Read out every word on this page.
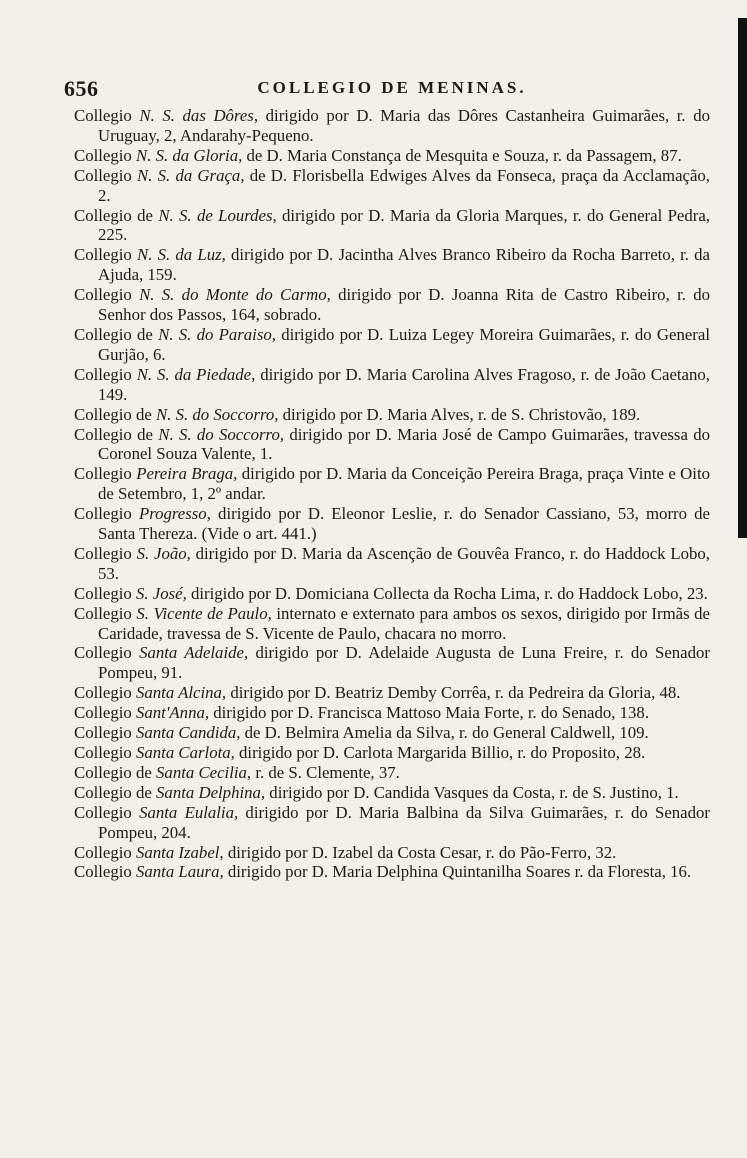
656	COLLEGIO DE MENINAS.

Collegio N. S. das Dôres, dirigido por D. Maria das Dôres Castanheira Guimarães, r. do Uruguay, 2, Andarahy-Pequeno.

Collegio N. S. da Gloria, de D. Maria Constança de Mesquita e Souza, r. da Passagem, 87.

Collegio N. S. da Graça, de D. Florisbella Edwiges Alves da Fonseca, praça da Acclamação, 2.

Collegio de N. S. de Lourdes, dirigido por D. Maria da Gloria Marques, r. do General Pedra, 225.

Collegio N. S. da Luz, dirigido por D. Jacintha Alves Branco Ribeiro da Rocha Barreto, r. da Ajuda, 159.

Collegio N. S. do Monte do Carmo, dirigido por D. Joanna Rita de Castro Ribeiro, r. do Senhor dos Passos, 164, sobrado.

Collegio de N. S. do Paraiso, dirigido por D. Luiza Legey Moreira Guimarães, r. do General Gurjão, 6.

Collegio N. S. da Piedade, dirigido por D. Maria Carolina Alves Fragoso, r. de João Caetano, 149.

Collegio de N. S. do Soccorro, dirigido por D. Maria Alves, r. de S. Christovão, 189.

Collegio de N. S. do Soccorro, dirigido por D. Maria José de Campo Guimarães, travessa do Coronel Souza Valente, 1.

Collegio Pereira Braga, dirigido por D. Maria da Conceição Pereira Braga, praça Vinte e Oito de Setembro, 1, 2º andar.

Collegio Progresso, dirigido por D. Eleonor Leslie, r. do Senador Cassiano, 53, morro de Santa Thereza. (Vide o art. 441.)

Collegio S. João, dirigido por D. Maria da Ascenção de Gouvêa Franco, r. do Haddock Lobo, 53.

Collegio S. José, dirigido por D. Domiciana Collecta da Rocha Lima, r. do Haddock Lobo, 23.

Collegio S. Vicente de Paulo, internato e externato para ambos os sexos, dirigido por Irmãs de Caridade, travessa de S. Vicente de Paulo, chacara no morro.

Collegio Santa Adelaide, dirigido por D. Adelaide Augusta de Luna Freire, r. do Senador Pompeu, 91.

Collegio Santa Alcina, dirigido por D. Beatriz Demby Corrêa, r. da Pedreira da Gloria, 48.

Collegio Sant'Anna, dirigido por D. Francisca Mattoso Maia Forte, r. do Senado, 138.

Collegio Santa Candida, de D. Belmira Amelia da Silva, r. do General Caldwell, 109.

Collegio Santa Carlota, dirigido por D. Carlota Margarida Billio, r. do Proposito, 28.

Collegio de Santa Cecilia, r. de S. Clemente, 37.

Collegio de Santa Delphina, dirigido por D. Candida Vasques da Costa, r. de S. Justino, 1.

Collegio Santa Eulalia, dirigido por D. Maria Balbina da Silva Guimarães, r. do Senador Pompeu, 204.

Collegio Santa Izabel, dirigido por D. Izabel da Costa Cesar, r. do Pão-Ferro, 32.

Collegio Santa Laura, dirigido por D. Maria Delphina Quintanilha Soares r. da Floresta, 16.
